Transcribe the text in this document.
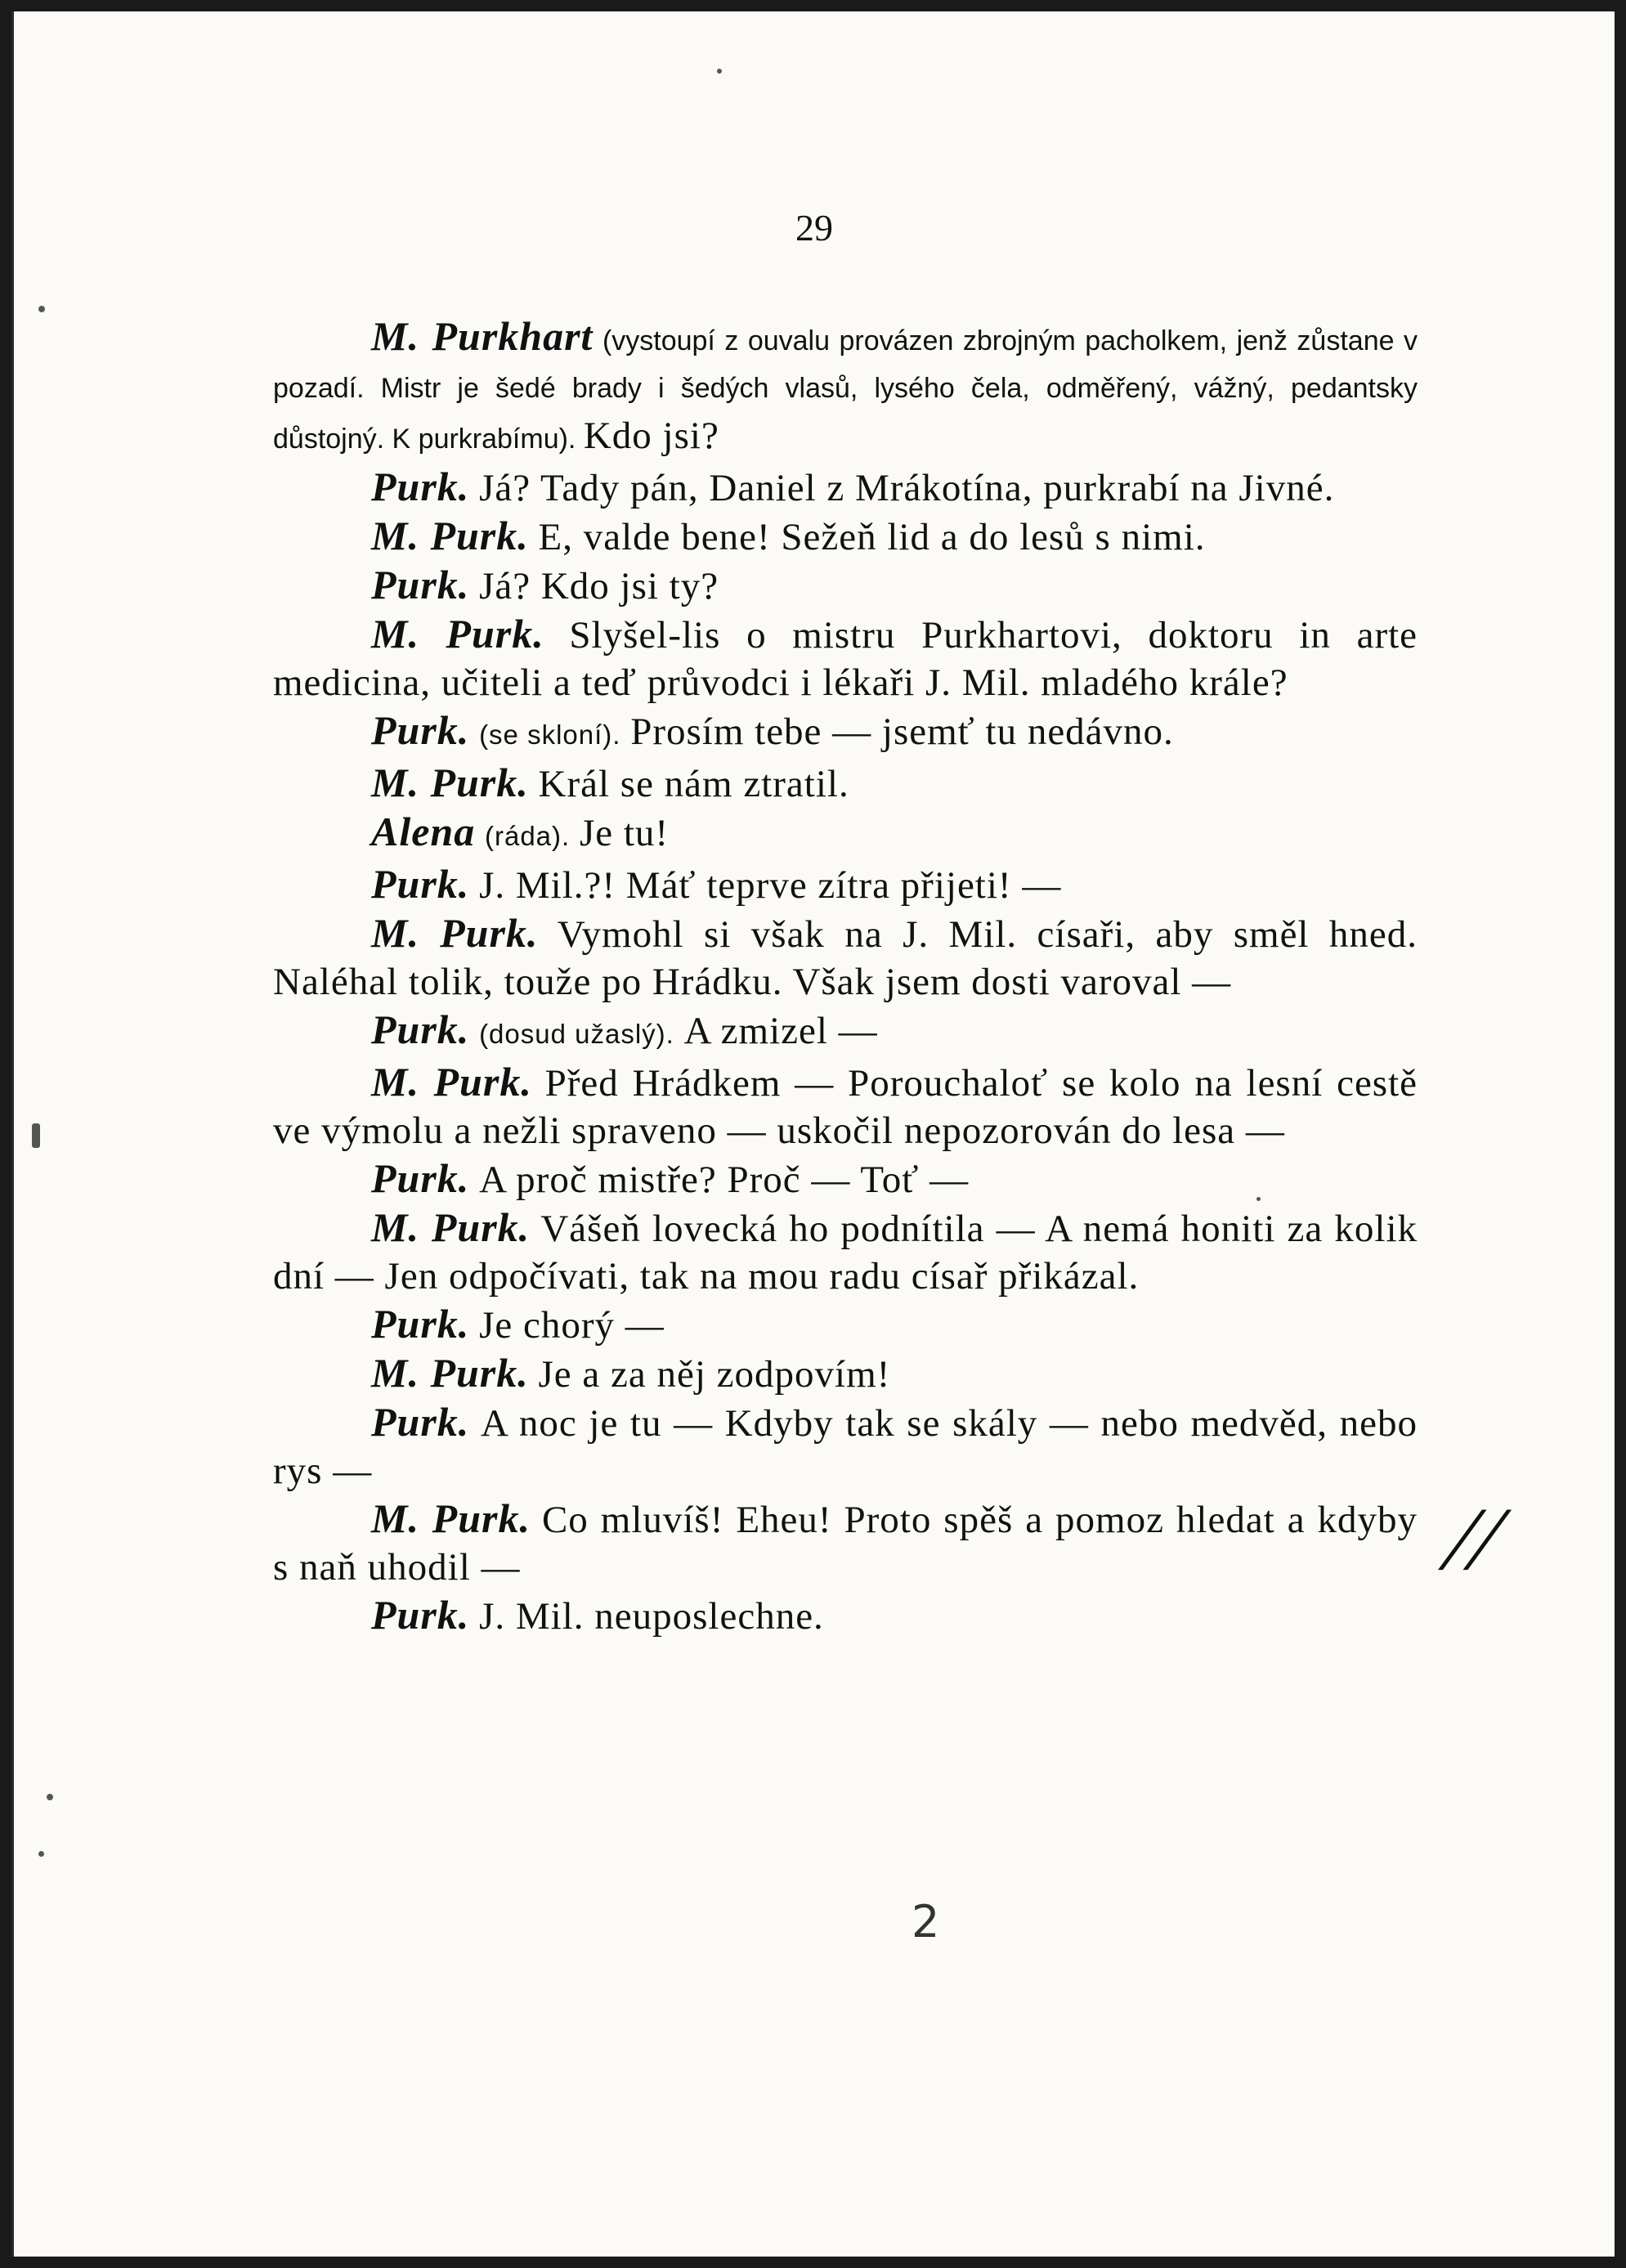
29

M. Purkhart (vystoupí z ouvalu provázen zbrojným pacholkem, jenž zůstane v pozadí. Mistr je šedé brady i šedých vlasů, lysého čela, odměřený, vážný, pedantsky důstojný. K purkrabímu). Kdo jsi?

Purk. Já? Tady pán, Daniel z Mrákotína, purkrabí na Jivné.

M. Purk. E, valde bene! Sežeň lid a do lesů s nimi.

Purk. Já? Kdo jsi ty?

M. Purk. Slyšel-lis o mistru Purkhartovi, doktoru in arte medicina, učiteli a teď průvodci i lékaři J. Mil. mladého krále?

Purk. (se skloní). Prosím tebe — jsemť tu nedávno.

M. Purk. Král se nám ztratil.

Alena (ráda). Je tu!

Purk. J. Mil.?! Máť teprve zítra přijeti! —

M. Purk. Vymohl si však na J. Mil. císaři, aby směl hned. Naléhal tolik, touže po Hrádku. Však jsem dosti varoval —

Purk. (dosud užaslý). A zmizel —

M. Purk. Před Hrádkem — Porouchaloť se kolo na lesní cestě ve výmolu a nežli spraveno — uskočil nepozorován do lesa —

Purk. A proč mistře? Proč — Toť —

M. Purk. Vášeň lovecká ho podnítila — A nemá honiti za kolik dní — Jen odpočívati, tak na mou radu císař přikázal.

Purk. Je chorý —

M. Purk. Je a za něj zodpovím!

Purk. A noc je tu — Kdyby tak se skály — nebo medvěd, nebo rys —

M. Purk. Co mluvíš! Eheu! Proto spěš a pomoz hledat a kdyby s naň uhodil —

Purk. J. Mil. neuposlechne.

//
2
